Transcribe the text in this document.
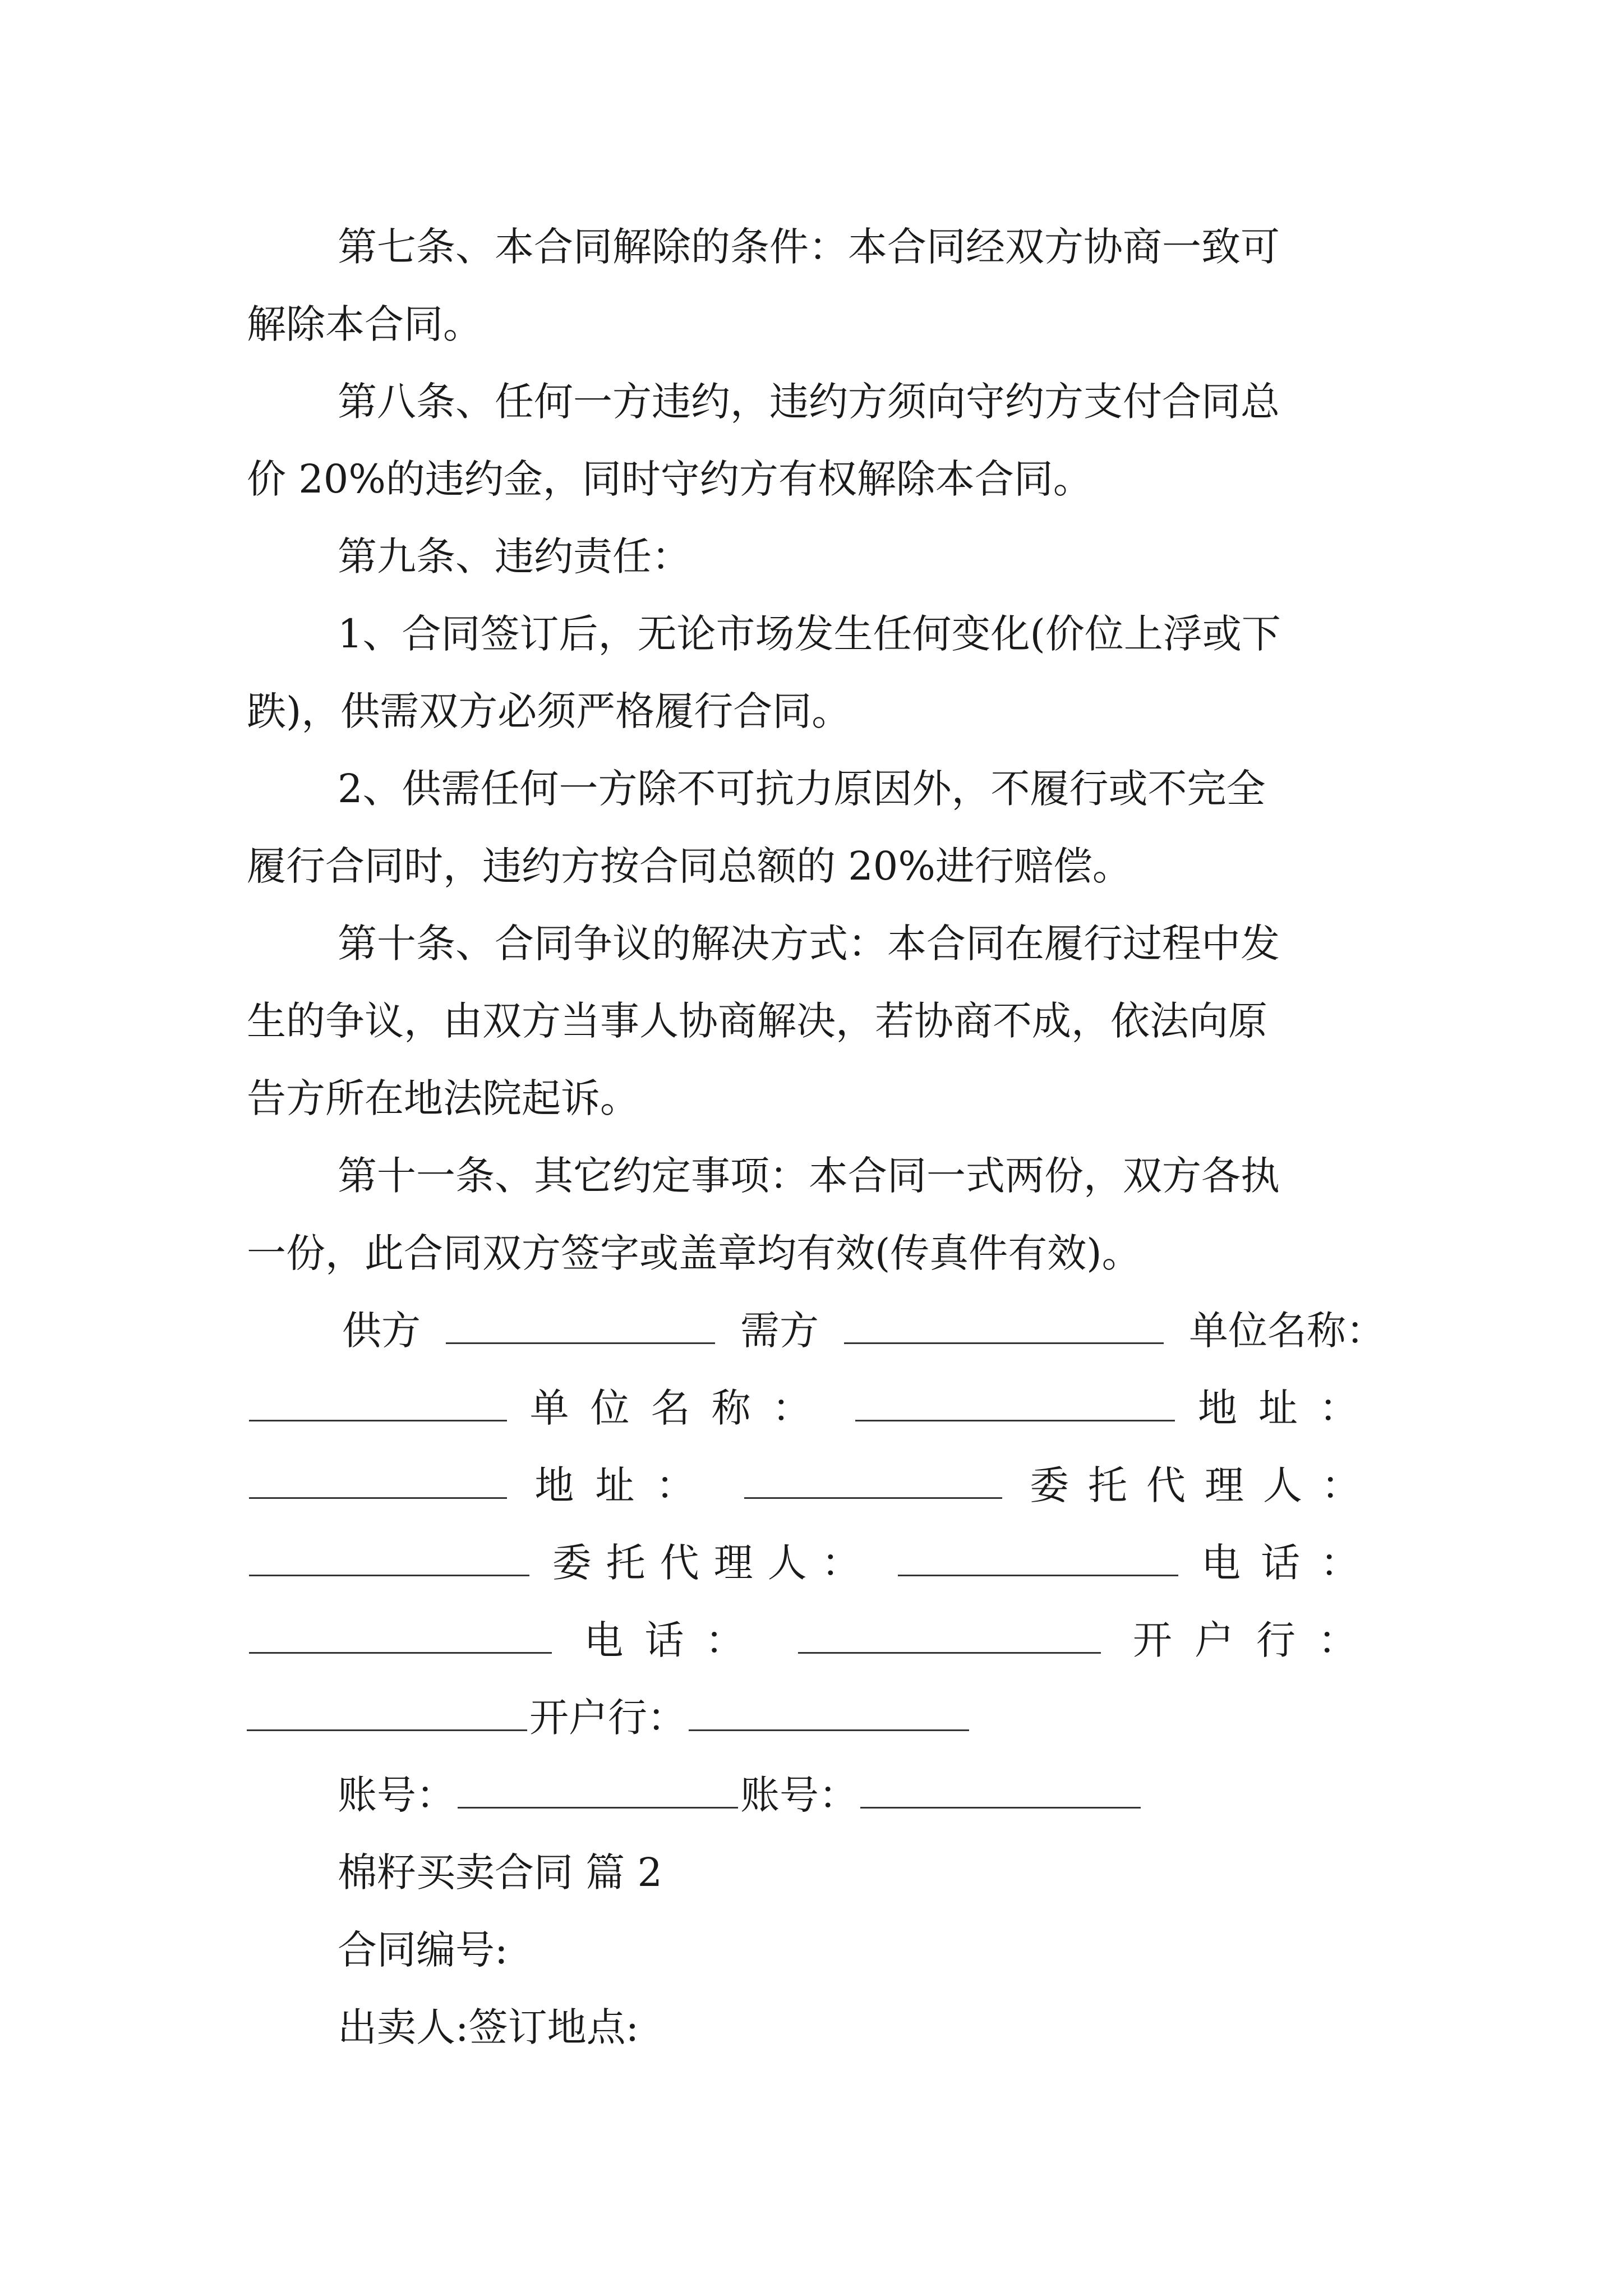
第七条、本合同解除的条件：本合同经双方协商一致可
解除本合同。
第八条、任何一方违约，违约方须向守约方支付合同总
价 20%的违约金，同时守约方有权解除本合同。
第九条、违约责任：
1、合同签订后，无论市场发生任何变化(价位上浮或下
跌)，供需双方必须严格履行合同。
2、供需任何一方除不可抗力原因外，不履行或不完全
履行合同时，违约方按合同总额的 20%进行赔偿。
第十条、合同争议的解决方式：本合同在履行过程中发
生的争议，由双方当事人协商解决，若协商不成，依法向原
告方所在地法院起诉。
第十一条、其它约定事项：本合同一式两份，双方各执
一份，此合同双方签字或盖章均有效(传真件有效)。
供方	需方	单位名称：
单位名称：	地址：
地址：	委托代理人：
委托代理人：	电话：
电话：	开户行：
开户行：
账号：	账号：
棉籽买卖合同 篇 2
合同编号:
出卖人:签订地点:
